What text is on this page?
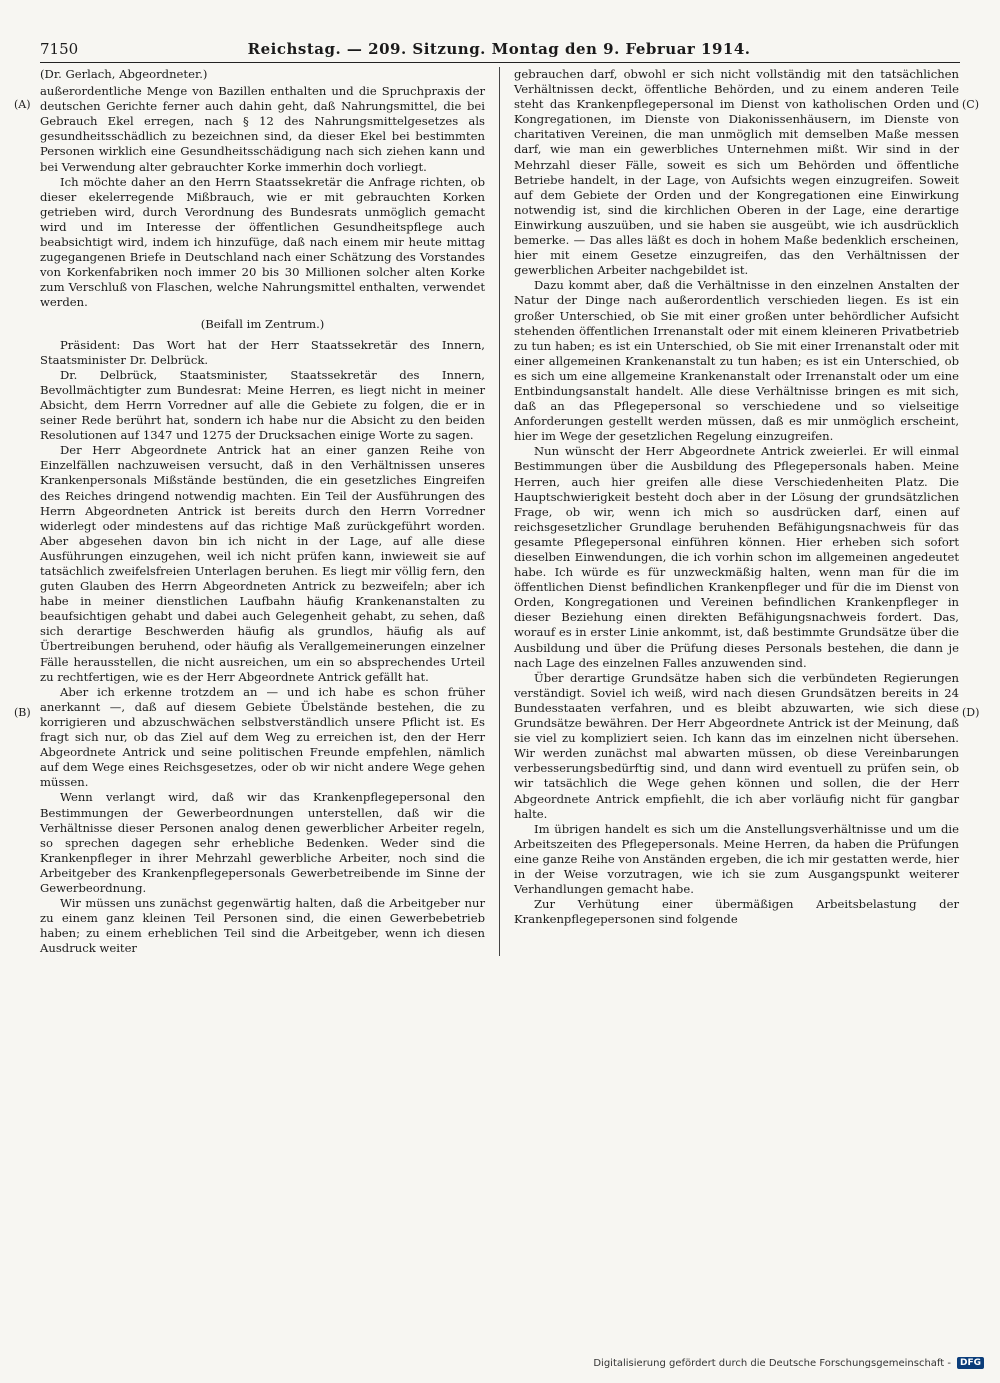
7150	Reichstag. — 209. Sitzung. Montag den 9. Februar 1914.
(Dr. Gerlach, Abgeordneter.)

außerordentliche Menge von Bazillen enthalten und die Spruchpraxis der deutschen Gerichte ferner auch dahin geht, daß Nahrungsmittel, die bei Gebrauch Ekel erregen, nach § 12 des Nahrungsmittelgesetzes als gesundheitsschädlich zu bezeichnen sind, da dieser Ekel bei bestimmten Personen wirklich eine Gesundheitsschädigung nach sich ziehen kann und bei Verwendung alter gebrauchter Korke immerhin doch vorliegt.

Ich möchte daher an den Herrn Staatssekretär die Anfrage richten, ob dieser ekelerregende Mißbrauch, wie er mit gebrauchten Korken getrieben wird, durch Verordnung des Bundesrats unmöglich gemacht wird und im Interesse der öffentlichen Gesundheitspflege auch beabsichtigt wird, indem ich hinzufüge, daß nach einem mir heute mittag zugegangenen Briefe in Deutschland nach einer Schätzung des Vorstandes von Korkenfabriken noch immer 20 bis 30 Millionen solcher alten Korke zum Verschluß von Flaschen, welche Nahrungsmittel enthalten, verwendet werden.

(Beifall im Zentrum.)

Präsident: Das Wort hat der Herr Staatssekretär des Innern, Staatsminister Dr. Delbrück.

Dr. Delbrück, Staatsminister, Staatssekretär des Innern, Bevollmächtigter zum Bundesrat: Meine Herren, es liegt nicht in meiner Absicht, dem Herrn Vorredner auf alle die Gebiete zu folgen, die er in seiner Rede berührt hat, sondern ich habe nur die Absicht zu den beiden Resolutionen auf 1347 und 1275 der Drucksachen einige Worte zu sagen.

Der Herr Abgeordnete Antrick hat an einer ganzen Reihe von Einzelfällen nachzuweisen versucht, daß in den Verhältnissen unseres Krankenpersonals Mißstände bestünden, die ein gesetzliches Eingreifen des Reiches dringend notwendig machten. Ein Teil der Ausführungen des Herrn Abgeordneten Antrick ist bereits durch den Herrn Vorredner widerlegt oder mindestens auf das richtige Maß zurückgeführt worden. Aber abgesehen davon bin ich nicht in der Lage, auf alle diese Ausführungen einzugehen, weil ich nicht prüfen kann, inwieweit sie auf tatsächlich zweifelsfreien Unterlagen beruhen. Es liegt mir völlig fern, den guten Glauben des Herrn Abgeordneten Antrick zu bezweifeln; aber ich habe in meiner dienstlichen Laufbahn häufig Krankenanstalten zu beaufsichtigen gehabt und dabei auch Gelegenheit gehabt, zu sehen, daß sich derartige Beschwerden häufig als grundlos, häufig als auf Übertreibungen beruhend, oder häufig als Verallgemeinerungen einzelner Fälle herausstellen, die nicht ausreichen, um ein so absprechendes Urteil zu rechtfertigen, wie es der Herr Abgeordnete Antrick gefällt hat.

Aber ich erkenne trotzdem an — und ich habe es schon früher anerkannt —, daß auf diesem Gebiete Übelstände bestehen, die zu korrigieren und abzuschwächen selbstverständlich unsere Pflicht ist. Es fragt sich nur, ob das Ziel auf dem Weg zu erreichen ist, den der Herr Abgeordnete Antrick und seine politischen Freunde empfehlen, nämlich auf dem Wege eines Reichsgesetzes, oder ob wir nicht andere Wege gehen müssen.

Wenn verlangt wird, daß wir das Krankenpflegepersonal den Bestimmungen der Gewerbeordnungen unterstellen, daß wir die Verhältnisse dieser Personen analog denen gewerblicher Arbeiter regeln, so sprechen dagegen sehr erhebliche Bedenken. Weder sind die Krankenpfleger in ihrer Mehrzahl gewerbliche Arbeiter, noch sind die Arbeitgeber des Krankenpflegepersonals Gewerbetreibende im Sinne der Gewerbeordnung.

Wir müssen uns zunächst gegenwärtig halten, daß die Arbeitgeber nur zu einem ganz kleinen Teil Personen sind, die einen Gewerbebetrieb haben; zu einem erheblichen Teil sind die Arbeitgeber, wenn ich diesen Ausdruck weiter

gebrauchen darf, obwohl er sich nicht vollständig mit den tatsächlichen Verhältnissen deckt, öffentliche Behörden, und zu einem anderen Teile steht das Krankenpflegepersonal im Dienst von katholischen Orden und Kongregationen, im Dienste von Diakonissenhäusern, im Dienste von charitativen Vereinen, die man unmöglich mit demselben Maße messen darf, wie man ein gewerbliches Unternehmen mißt. Wir sind in der Mehrzahl dieser Fälle, soweit es sich um Behörden und öffentliche Betriebe handelt, in der Lage, von Aufsichts wegen einzugreifen. Soweit auf dem Gebiete der Orden und der Kongregationen eine Einwirkung notwendig ist, sind die kirchlichen Oberen in der Lage, eine derartige Einwirkung auszuüben, und sie haben sie ausgeübt, wie ich ausdrücklich bemerke. — Das alles läßt es doch in hohem Maße bedenklich erscheinen, hier mit einem Gesetze einzugreifen, das den Verhältnissen der gewerblichen Arbeiter nachgebildet ist.

Dazu kommt aber, daß die Verhältnisse in den einzelnen Anstalten der Natur der Dinge nach außerordentlich verschieden liegen. Es ist ein großer Unterschied, ob Sie mit einer großen unter behördlicher Aufsicht stehenden öffentlichen Irrenanstalt oder mit einem kleineren Privatbetrieb zu tun haben; es ist ein Unterschied, ob Sie mit einer Irrenanstalt oder mit einer allgemeinen Krankenanstalt zu tun haben; es ist ein Unterschied, ob es sich um eine allgemeine Krankenanstalt oder Irrenanstalt oder um eine Entbindungsanstalt handelt. Alle diese Verhältnisse bringen es mit sich, daß an das Pflegepersonal so verschiedene und so vielseitige Anforderungen gestellt werden müssen, daß es mir unmöglich erscheint, hier im Wege der gesetzlichen Regelung einzugreifen.

Nun wünscht der Herr Abgeordnete Antrick zweierlei. Er will einmal Bestimmungen über die Ausbildung des Pflegepersonals haben. Meine Herren, auch hier greifen alle diese Verschiedenheiten Platz. Die Hauptschwierigkeit besteht doch aber in der Lösung der grundsätzlichen Frage, ob wir, wenn ich mich so ausdrücken darf, einen auf reichsgesetzlicher Grundlage beruhenden Befähigungsnachweis für das gesamte Pflegepersonal einführen können. Hier erheben sich sofort dieselben Einwendungen, die ich vorhin schon im allgemeinen angedeutet habe. Ich würde es für unzweckmäßig halten, wenn man für die im öffentlichen Dienst befindlichen Krankenpfleger und für die im Dienst von Orden, Kongregationen und Vereinen befindlichen Krankenpfleger in dieser Beziehung einen direkten Befähigungsnachweis fordert. Das, worauf es in erster Linie ankommt, ist, daß bestimmte Grundsätze über die Ausbildung und über die Prüfung dieses Personals bestehen, die dann je nach Lage des einzelnen Falles anzuwenden sind.

Über derartige Grundsätze haben sich die verbündeten Regierungen verständigt. Soviel ich weiß, wird nach diesen Grundsätzen bereits in 24 Bundesstaaten verfahren, und es bleibt abzuwarten, wie sich diese Grundsätze bewähren. Der Herr Abgeordnete Antrick ist der Meinung, daß sie viel zu kompliziert seien. Ich kann das im einzelnen nicht übersehen. Wir werden zunächst mal abwarten müssen, ob diese Vereinbarungen verbesserungsbedürftig sind, und dann wird eventuell zu prüfen sein, ob wir tatsächlich die Wege gehen können und sollen, die der Herr Abgeordnete Antrick empfiehlt, die ich aber vorläufig nicht für gangbar halte.

Im übrigen handelt es sich um die Anstellungsverhältnisse und um die Arbeitszeiten des Pflegepersonals. Meine Herren, da haben die Prüfungen eine ganze Reihe von Anständen ergeben, die ich mir gestatten werde, hier in der Weise vorzutragen, wie ich sie zum Ausgangspunkt weiterer Verhandlungen gemacht habe.

Zur Verhütung einer übermäßigen Arbeitsbelastung der Krankenpflegepersonen sind folgende

(A)
(B)
(C)
(D)
Digitalisierung gefördert durch die Deutsche Forschungsgemeinschaft -	DFG
